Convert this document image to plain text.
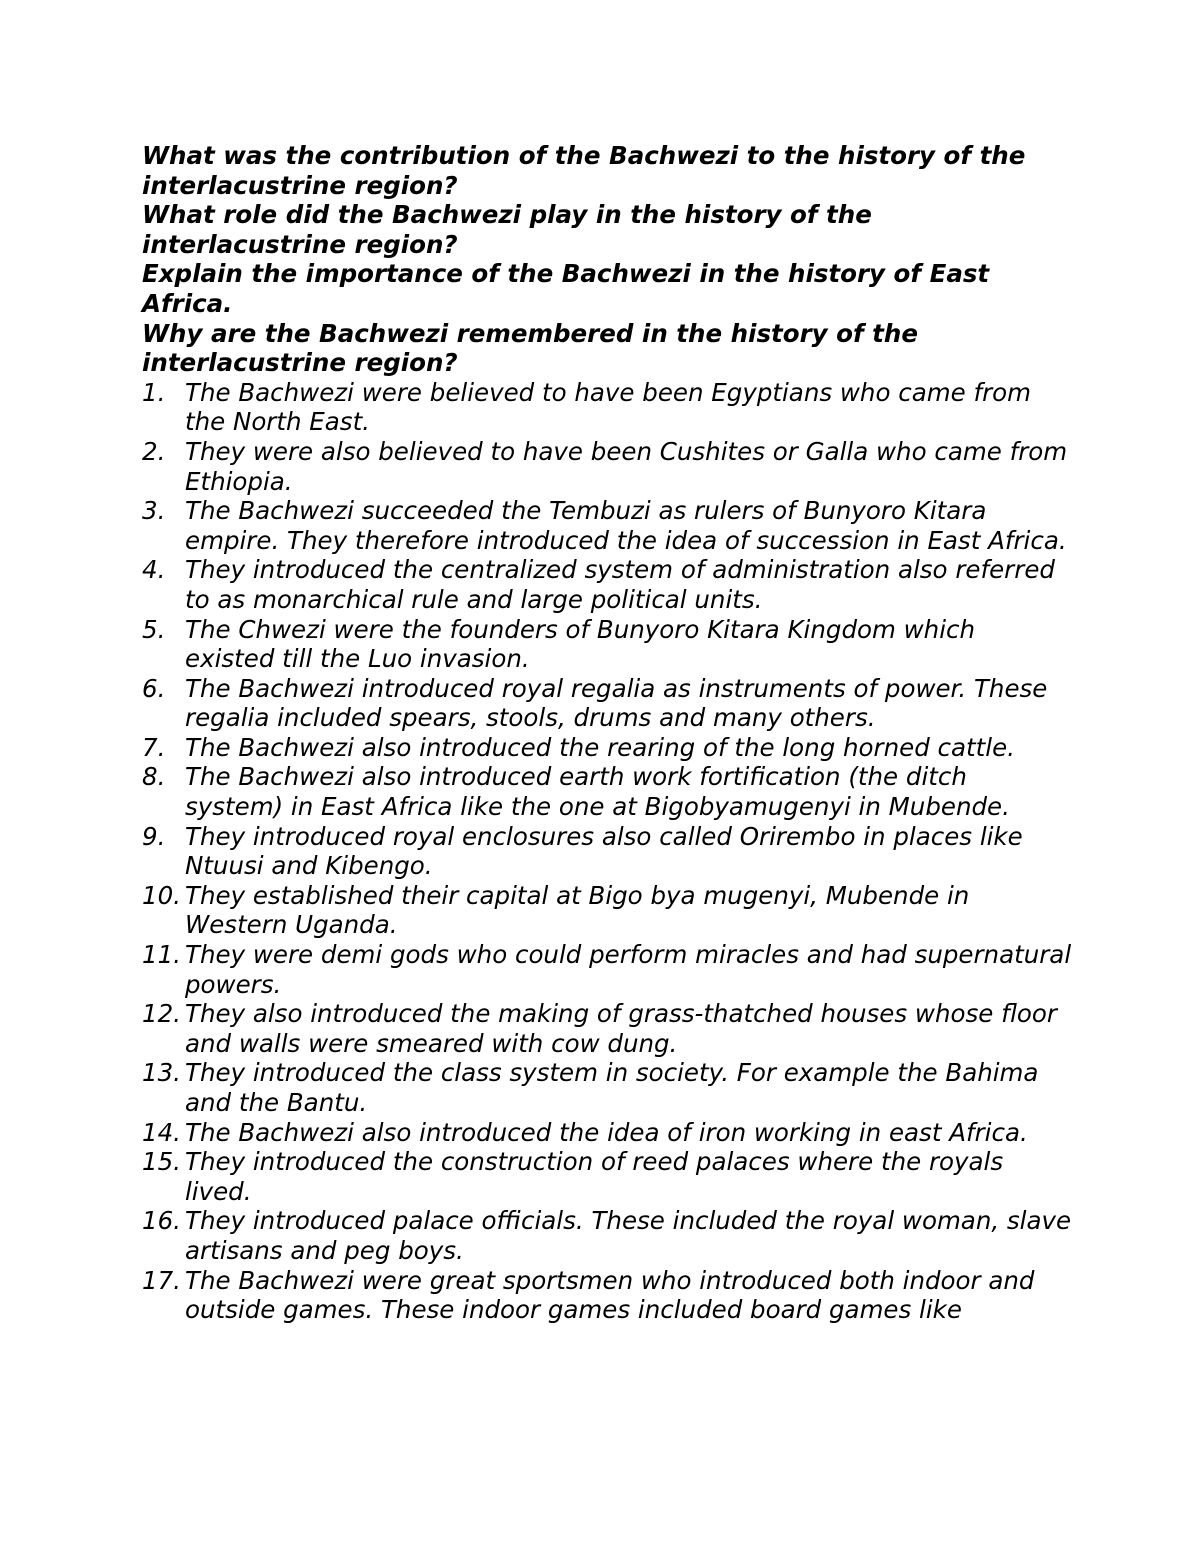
What was the contribution of the Bachwezi to the history of the interlacustrine region?

What role did the Bachwezi play in the history of the interlacustrine region?

Explain the importance of the Bachwezi in the history of East Africa.

Why are the Bachwezi remembered in the history of the interlacustrine region?

1. The Bachwezi were believed to have been Egyptians who came from the North East.
2. They were also believed to have been Cushites or Galla who came from Ethiopia.
3. The Bachwezi succeeded the Tembuzi as rulers of Bunyoro Kitara empire. They therefore introduced the idea of succession in East Africa.
4. They introduced the centralized system of administration also referred to as monarchical rule and large political units.
5. The Chwezi were the founders of Bunyoro Kitara Kingdom which existed till the Luo invasion.
6. The Bachwezi introduced royal regalia as instruments of power. These regalia included spears, stools, drums and many others.
7. The Bachwezi also introduced the rearing of the long horned cattle.
8. The Bachwezi also introduced earth work fortification (the ditch system) in East Africa like the one at Bigobyamugenyi in Mubende.
9. They introduced royal enclosures also called Orirembo in places like Ntuusi and Kibengo.
10. They established their capital at Bigo bya mugenyi, Mubende in Western Uganda.
11. They were demi gods who could perform miracles and had supernatural powers.
12. They also introduced the making of grass-thatched houses whose floor and walls were smeared with cow dung.
13. They introduced the class system in society. For example the Bahima and the Bantu.
14. The Bachwezi also introduced the idea of iron working in east Africa.
15. They introduced the construction of reed palaces where the royals lived.
16. They introduced palace officials. These included the royal woman, slave artisans and peg boys.
17. The Bachwezi were great sportsmen who introduced both indoor and outside games. These indoor games included board games like
